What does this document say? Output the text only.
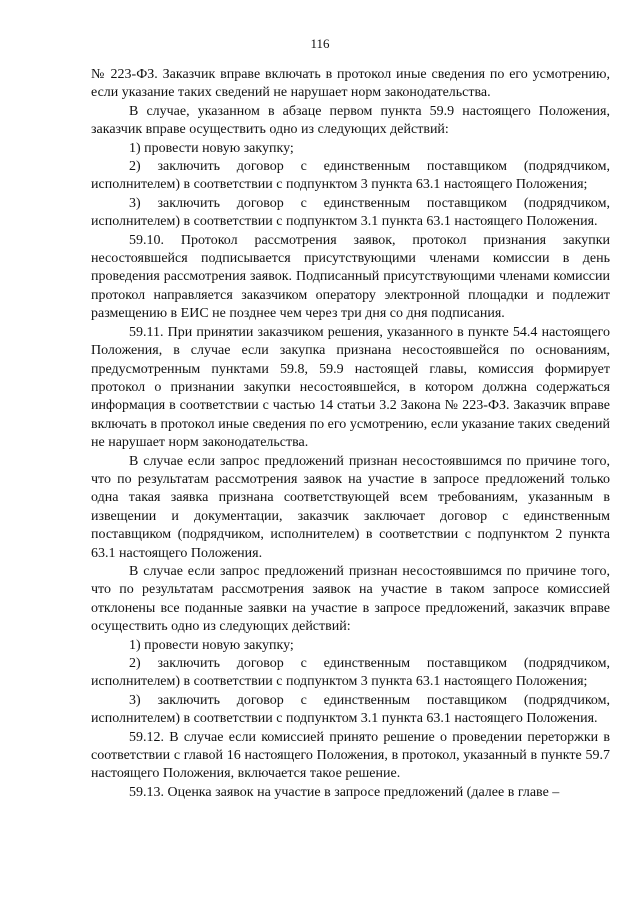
116

№ 223-ФЗ. Заказчик вправе включать в протокол иные сведения по его усмотрению, если указание таких сведений не нарушает норм законодательства.

В случае, указанном в абзаце первом пункта 59.9 настоящего Положения, заказчик вправе осуществить одно из следующих действий:

1) провести новую закупку;

2) заключить договор с единственным поставщиком (подрядчиком, исполнителем) в соответствии с подпунктом 3 пункта 63.1 настоящего Положения;

3) заключить договор с единственным поставщиком (подрядчиком, исполнителем) в соответствии с подпунктом 3.1 пункта 63.1 настоящего Положения.

59.10. Протокол рассмотрения заявок, протокол признания закупки несостоявшейся подписывается присутствующими членами комиссии в день проведения рассмотрения заявок. Подписанный присутствующими членами комиссии протокол направляется заказчиком оператору электронной площадки и подлежит размещению в ЕИС не позднее чем через три дня со дня подписания.

59.11. При принятии заказчиком решения, указанного в пункте 54.4 настоящего Положения, в случае если закупка признана несостоявшейся по основаниям, предусмотренным пунктами 59.8, 59.9 настоящей главы, комиссия формирует протокол о признании закупки несостоявшейся, в котором должна содержаться информация в соответствии с частью 14 статьи 3.2 Закона № 223-ФЗ. Заказчик вправе включать в протокол иные сведения по его усмотрению, если указание таких сведений не нарушает норм законодательства.

В случае если запрос предложений признан несостоявшимся по причине того, что по результатам рассмотрения заявок на участие в запросе предложений только одна такая заявка признана соответствующей всем требованиям, указанным в извещении и документации, заказчик заключает договор с единственным поставщиком (подрядчиком, исполнителем) в соответствии с подпунктом 2 пункта 63.1 настоящего Положения.

В случае если запрос предложений признан несостоявшимся по причине того, что по результатам рассмотрения заявок на участие в таком запросе комиссией отклонены все поданные заявки на участие в запросе предложений, заказчик вправе осуществить одно из следующих действий:

1) провести новую закупку;

2) заключить договор с единственным поставщиком (подрядчиком, исполнителем) в соответствии с подпунктом 3 пункта 63.1 настоящего Положения;

3) заключить договор с единственным поставщиком (подрядчиком, исполнителем) в соответствии с подпунктом 3.1 пункта 63.1 настоящего Положения.

59.12. В случае если комиссией принято решение о проведении переторжки в соответствии с главой 16 настоящего Положения, в протокол, указанный в пункте 59.7 настоящего Положения, включается такое решение.

59.13. Оценка заявок на участие в запросе предложений (далее в главе –
